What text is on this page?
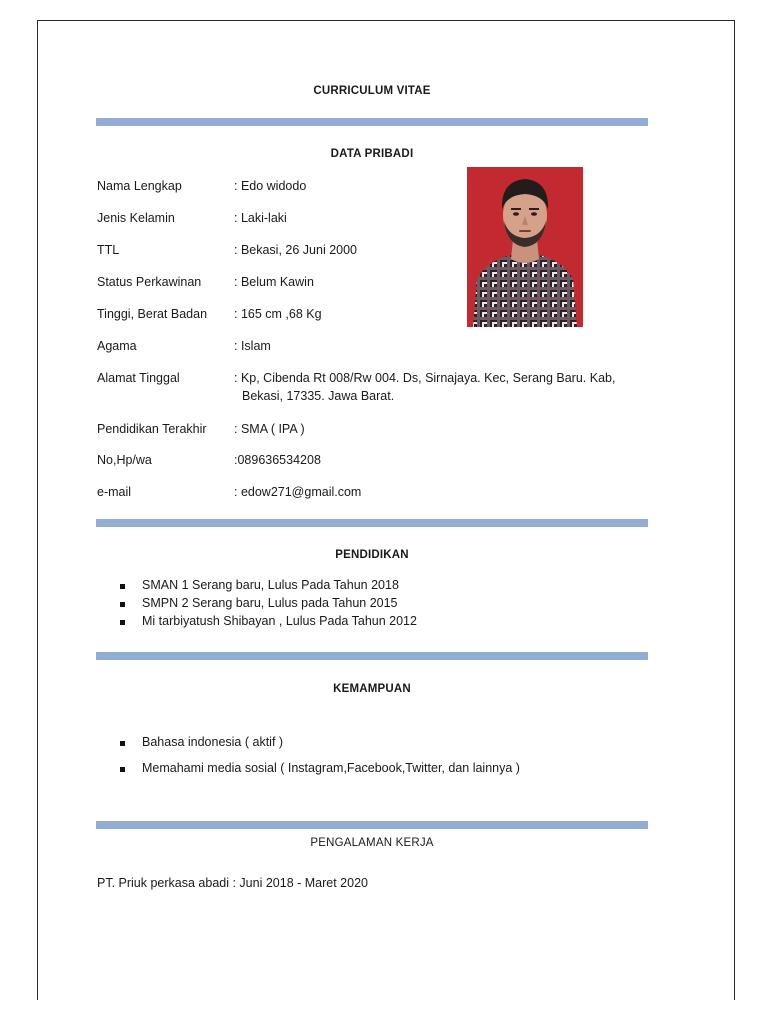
CURRICULUM VITAE
DATA PRIBADI
Nama Lengkap	: Edo widodo
Jenis Kelamin	: Laki-laki
TTL	: Bekasi, 26 Juni 2000
Status Perkawinan	: Belum Kawin
Tinggi, Berat Badan : 165 cm ,68 Kg
Agama	: Islam
Alamat Tinggal	: Kp, Cibenda Rt 008/Rw 004. Ds, Sirnajaya. Kec, Serang Baru. Kab,
Bekasi, 17335. Jawa Barat.
Pendidikan Terakhir : SMA ( IPA )
No,Hp/wa	:089636534208
e-mail	: edow271@gmail.com
PENDIDIKAN
SMAN 1 Serang baru, Lulus Pada Tahun 2018
SMPN 2 Serang baru, Lulus pada Tahun 2015
Mi tarbiyatush Shibayan , Lulus Pada Tahun 2012
KEMAMPUAN
Bahasa indonesia ( aktif )
Memahami media sosial ( Instagram,Facebook,Twitter, dan lainnya )
PENGALAMAN KERJA
PT. Priuk perkasa abadi : Juni 2018 - Maret 2020
